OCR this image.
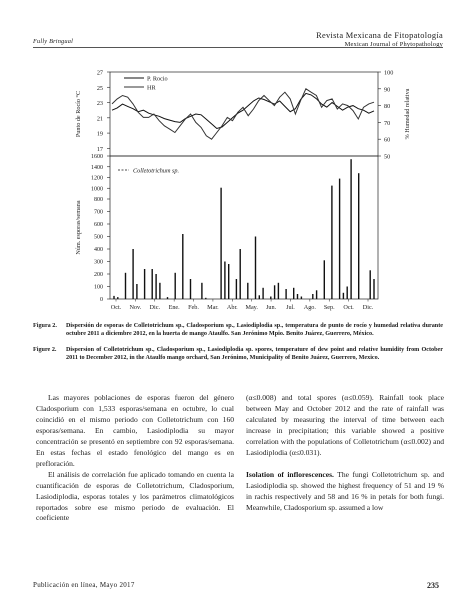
Fully Bringual
Revista Mexicana de Fitopatología
Mexican Journal of Phytopathology
17
19
21
23
25
27
50
60
70
80
90
100
Punto de Rocío °C	% Humedad relativa
P. Rocio
HR
0
100
200
300
400
500
600
700
800
1000
1200
1400
1600
Núm. esporas/semana
Colletotrichum sp.
Oct. Nov. Dic. Ene. Feb. Mar. Abr. May. Jun. Jul. Ago. Sep. Oct. Dic.
Figura 2.	Dispersión de esporas de Colletotrichum sp., Cladosporium sp., Lasiodiplodia sp., temperatura de punto de rocío y humedad relativa durante octubre 2011 a diciembre 2012, en la huerta de mango Ataulfo. San Jerónimo Mpio. Benito Juárez, Guerrero, México.
Figure 2.	Dispersion of Colletotrichum sp., Cladosporium sp., Lasiodiplodia sp. spores, temperature of dew point and relative humidity from October 2011 to December 2012, in the Ataulfo mango orchard, San Jerónimo, Municipality of Benito Juárez, Guerrero, Mexico.

Las mayores poblaciones de esporas fueron del género Cladosporium con 1,533 esporas/semana en octubre, lo cual coincidió en el mismo periodo con Colletotrichum con 160 esporas/semana. En cambio, Lasiodiplodia su mayor concentración se presentó en septiembre con 92 esporas/semana. En estas fechas el estado fenológico del mango es en prefloración.

El análisis de correlación fue aplicado tomando en cuenta la cuantificación de esporas de Colletotrichum, Cladosporium, Lasiodiplodia, esporas totales y los parámetros climatológicos reportados sobre ese mismo periodo de evaluación. El coeficiente

(α≤0.008) and total spores (α≤0.059). Rainfall took place between May and October 2012 and the rate of rainfall was calculated by measuring the interval of time between each increase in precipitation; this variable showed a positive correlation with the populations of Colletotrichum (α≤0.002) and Lasiodiplodia (α≤0.031).

Isolation of inflorescences. The fungi Colletotrichum sp. and Lasiodiplodia sp. showed the highest frequency of 51 and 19 % in rachis respectively and 58 and 16 % in petals for both fungi. Meanwhile, Cladosporium sp. assumed a low

Publicación en línea, Mayo 2017	235
